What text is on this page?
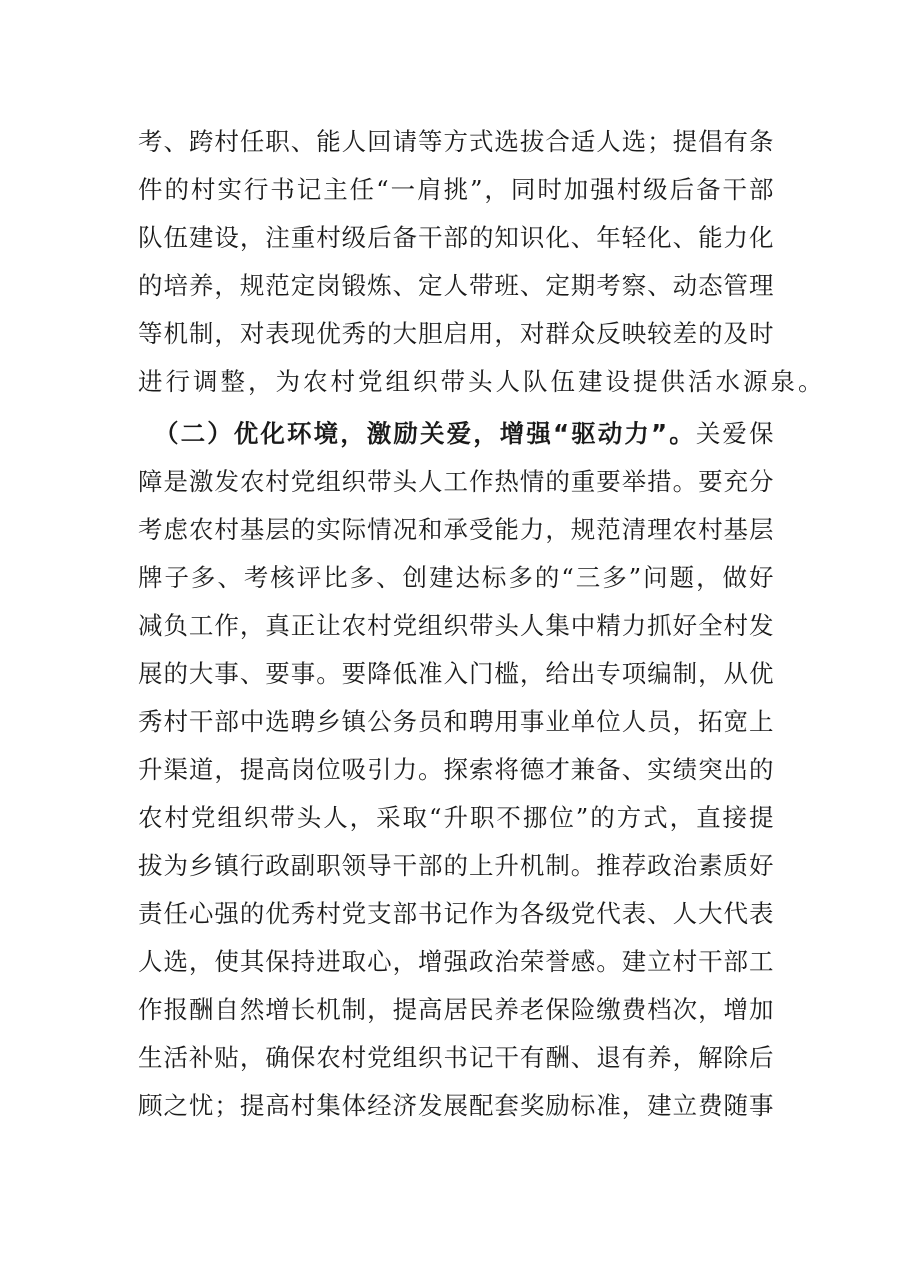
考、跨村任职、能人回请等方式选拔合适人选；提倡有条
件的村实行书记主任“一肩挑”，同时加强村级后备干部
队伍建设，注重村级后备干部的知识化、年轻化、能力化
的培养，规范定岗锻炼、定人带班、定期考察、动态管理
等机制，对表现优秀的大胆启用，对群众反映较差的及时
进行调整，为农村党组织带头人队伍建设提供活水源泉。
（二）优化环境，激励关爱，增强“驱动力”。关爱保
障是激发农村党组织带头人工作热情的重要举措。要充分
考虑农村基层的实际情况和承受能力，规范清理农村基层
牌子多、考核评比多、创建达标多的“三多”问题，做好
减负工作，真正让农村党组织带头人集中精力抓好全村发
展的大事、要事。要降低准入门槛，给出专项编制，从优
秀村干部中选聘乡镇公务员和聘用事业单位人员，拓宽上
升渠道，提高岗位吸引力。探索将德才兼备、实绩突出的
农村党组织带头人，采取“升职不挪位”的方式，直接提
拔为乡镇行政副职领导干部的上升机制。推荐政治素质好
责任心强的优秀村党支部书记作为各级党代表、人大代表
人选，使其保持进取心，增强政治荣誉感。建立村干部工
作报酬自然增长机制，提高居民养老保险缴费档次，增加
生活补贴，确保农村党组织书记干有酬、退有养，解除后
顾之忧；提高村集体经济发展配套奖励标准，建立费随事
